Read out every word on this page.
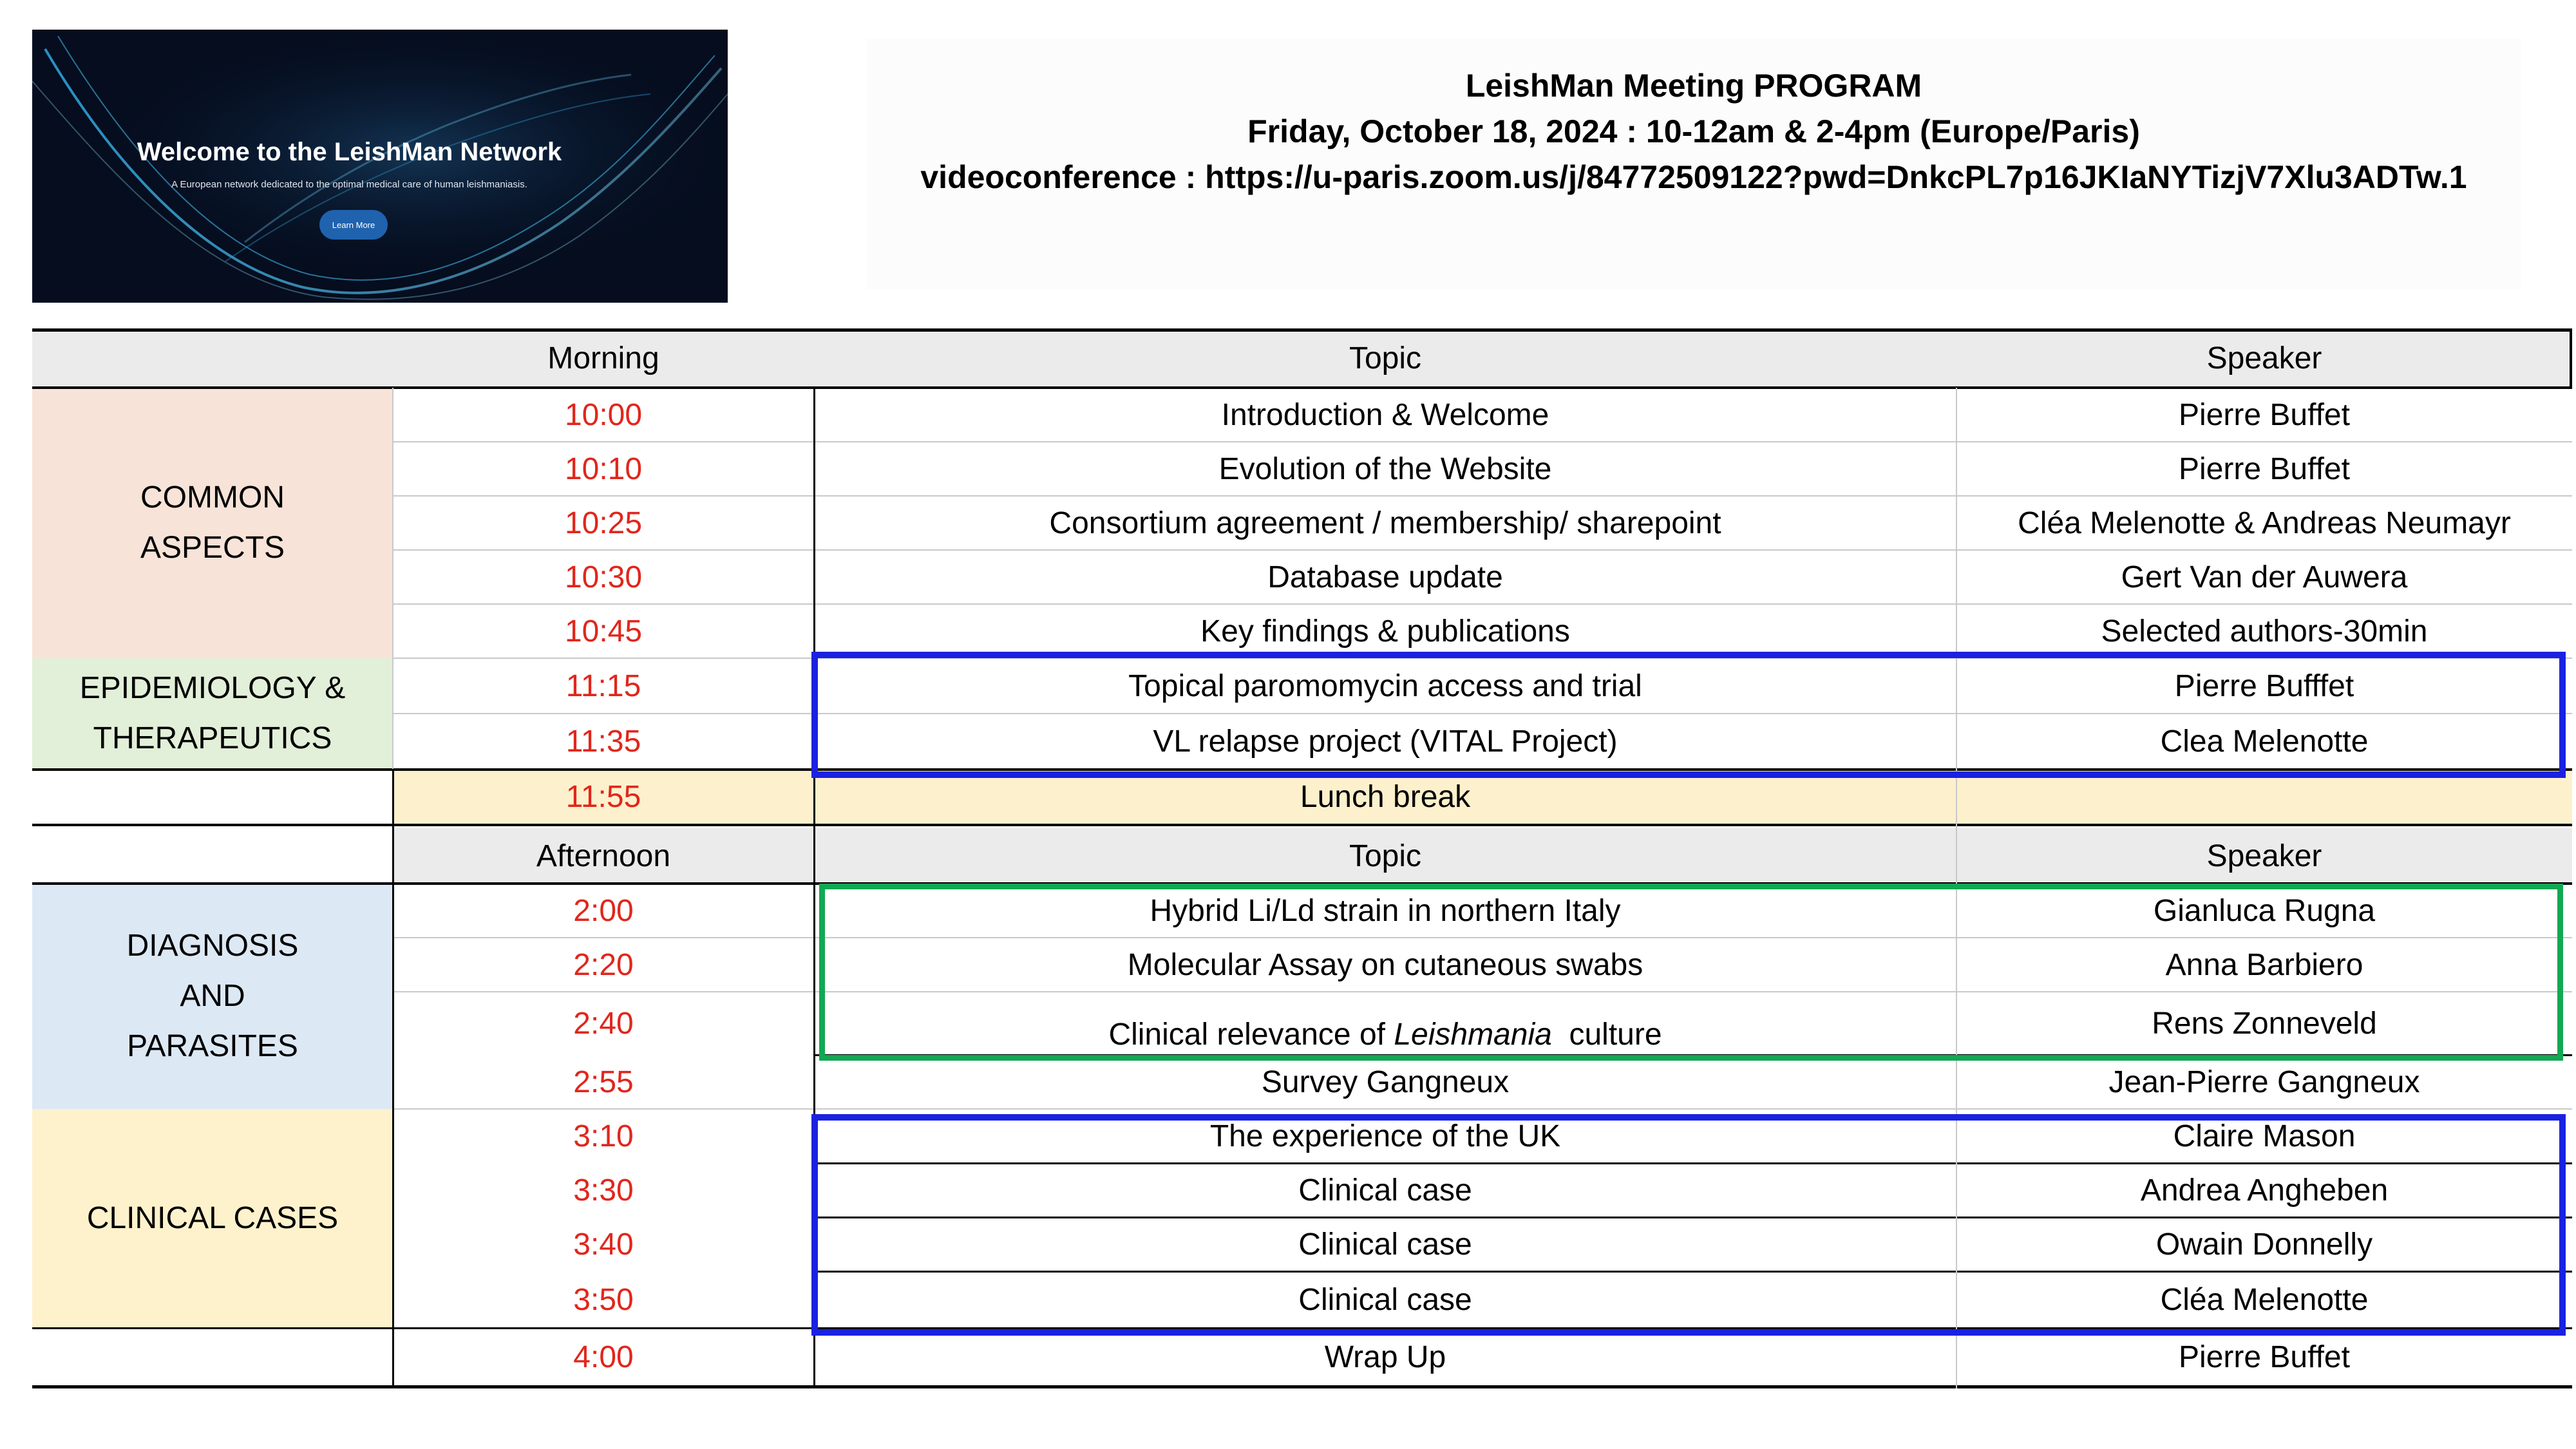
Welcome to the LeishMan Network
A European network dedicated to the optimal medical care of human leishmaniasis.
Learn More
LeishMan Meeting PROGRAM
Friday, October 18, 2024 : 10-12am & 2-4pm (Europe/Paris)
videoconference : https://u-paris.zoom.us/j/84772509122?pwd=DnkcPL7p16JKIaNYTizjV7Xlu3ADTw.1
COMMON
ASPECTS
EPIDEMIOLOGY &
THERAPEUTICS
DIAGNOSIS
AND
PARASITES
CLINICAL CASES
Morning	Topic	Speaker
10:00	Introduction & Welcome	Pierre Buffet
10:10	Evolution of the Website	Pierre Buffet
10:25	Consortium agreement / membership/ sharepoint	Cléa Melenotte & Andreas Neumayr
10:30	Database update	Gert Van der Auwera
10:45	Key findings & publications	Selected authors-30min
11:15	Topical paromomycin access and trial	Pierre Bufffet
11:35	VL relapse project (VITAL Project)	Clea Melenotte
11:55	Lunch break
Afternoon	Topic	Speaker
2:00	Hybrid Li/Ld strain in northern Italy	Gianluca Rugna
2:20	Molecular Assay on cutaneous swabs	Anna Barbiero
2:40	Clinical relevance of Leishmania culture	Rens Zonneveld
2:55	Survey Gangneux	Jean-Pierre Gangneux
3:10	The experience of the UK	Claire Mason
3:30	Clinical case	Andrea Angheben
3:40	Clinical case	Owain Donnelly
3:50	Clinical case	Cléa Melenotte
4:00	Wrap Up	Pierre Buffet
